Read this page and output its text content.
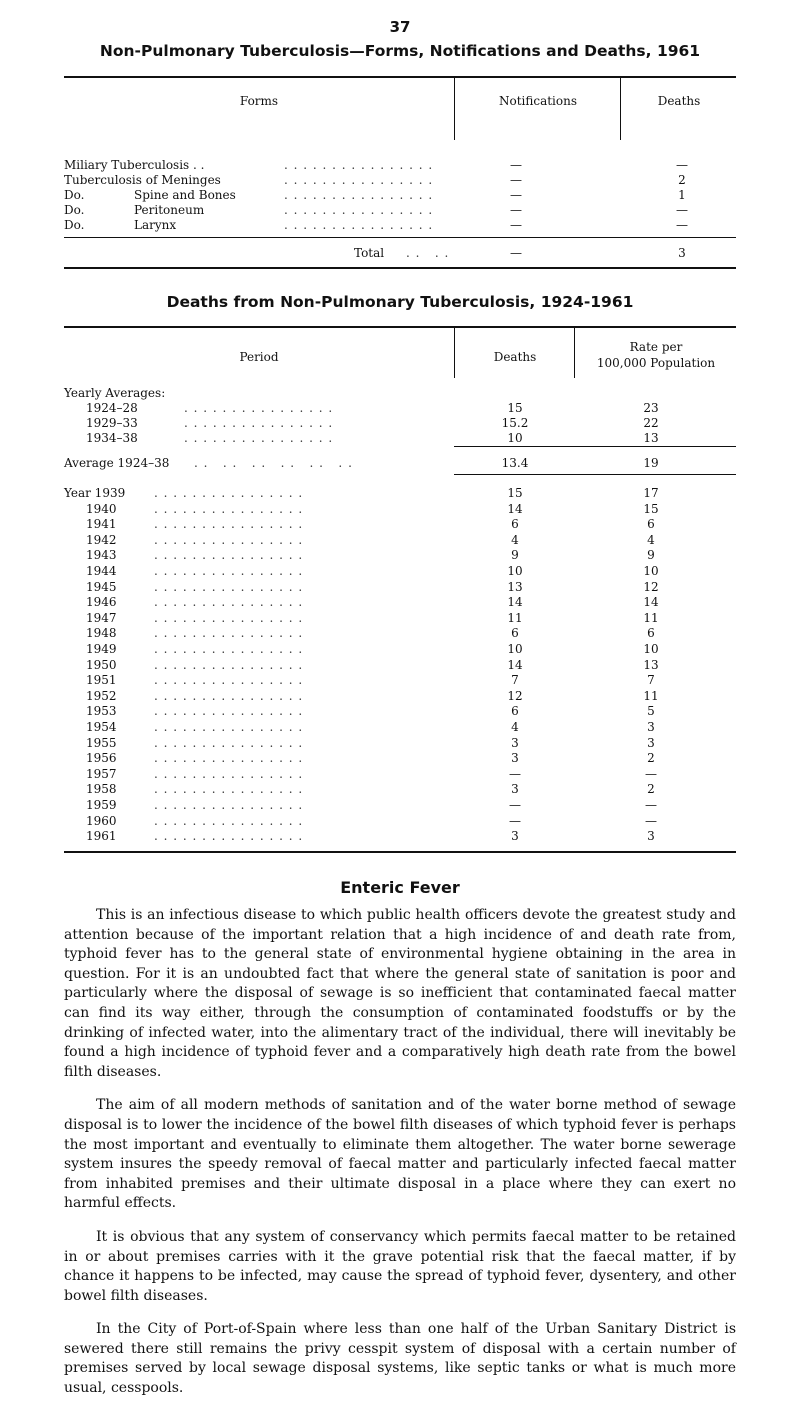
37
Non-Pulmonary Tuberculosis—Forms, Notifications and Deaths, 1961
Forms	Notifications	Deaths
Miliary Tuberculosis . .	. . . . . . . . . . . . . . . .	—	—
Tuberculosis of Meninges	. . . . . . . . . . . . . . . .	—	2
Do.	Spine and Bones	. . . . . . . . . . . . . . . .	—	1
Do.	Peritoneum	. . . . . . . . . . . . . . . .	—	—
Do.	Larynx	. . . . . . . . . . . . . . . .	—	—
Total . .   . .	—	3
Deaths from Non-Pulmonary Tuberculosis, 1924-1961
Period	Deaths
Rate per
100,000 Population
Yearly Averages:
1924–28	. . . . . . . . . . . . . . . .	15	23
1929–33	. . . . . . . . . . . . . . . .	15.2	22
1934–38	. . . . . . . . . . . . . . . .	10	13
Average 1924–38 . .   . .   . .   . .   . .   . .	13.4	19
Year 1939 . . . . . . . . . . . . . . . .	15	17
1940	. . . . . . . . . . . . . . . .	14	15
1941	. . . . . . . . . . . . . . . .	6	6
1942	. . . . . . . . . . . . . . . .	4	4
1943	. . . . . . . . . . . . . . . .	9	9
1944	. . . . . . . . . . . . . . . .	10	10
1945	. . . . . . . . . . . . . . . .	13	12
1946	. . . . . . . . . . . . . . . .	14	14
1947	. . . . . . . . . . . . . . . .	11	11
1948	. . . . . . . . . . . . . . . .	6	6
1949	. . . . . . . . . . . . . . . .	10	10
1950	. . . . . . . . . . . . . . . .	14	13
1951	. . . . . . . . . . . . . . . .	7	7
1952	. . . . . . . . . . . . . . . .	12	11
1953	. . . . . . . . . . . . . . . .	6	5
1954	. . . . . . . . . . . . . . . .	4	3
1955	. . . . . . . . . . . . . . . .	3	3
1956	. . . . . . . . . . . . . . . .	3	2
1957	. . . . . . . . . . . . . . . .	—	—
1958	. . . . . . . . . . . . . . . .	3	2
1959	. . . . . . . . . . . . . . . .	—	—
1960	. . . . . . . . . . . . . . . .	—	—
1961	. . . . . . . . . . . . . . . .	3	3
Enteric Fever

This is an infectious disease to which public health officers devote the greatest study and attention because of the important relation that a high incidence of and death rate from, typhoid fever has to the general state of environmental hygiene obtaining in the area in question. For it is an undoubted fact that where the general state of sanitation is poor and particularly where the disposal of sewage is so inefficient that contaminated faecal matter can find its way either, through the consumption of contaminated foodstuffs or by the drinking of infected water, into the alimentary tract of the individual, there will inevitably be found a high incidence of typhoid fever and a comparatively high death rate from the bowel filth diseases.

The aim of all modern methods of sanitation and of the water borne method of sewage disposal is to lower the incidence of the bowel filth diseases of which typhoid fever is perhaps the most important and eventually to eliminate them altogether. The water borne sewerage system insures the speedy removal of faecal matter and particularly infected faecal matter from inhabited premises and their ultimate disposal in a place where they can exert no harmful effects.

It is obvious that any system of conservancy which permits faecal matter to be retained in or about premises carries with it the grave potential risk that the faecal matter, if by chance it happens to be infected, may cause the spread of typhoid fever, dysentery, and other bowel filth diseases.

In the City of Port-of-Spain where less than one half of the Urban Sanitary District is sewered there still remains the privy cesspit system of disposal with a certain number of premises served by local sewage disposal systems, like septic tanks or what is much more usual, cesspools.
